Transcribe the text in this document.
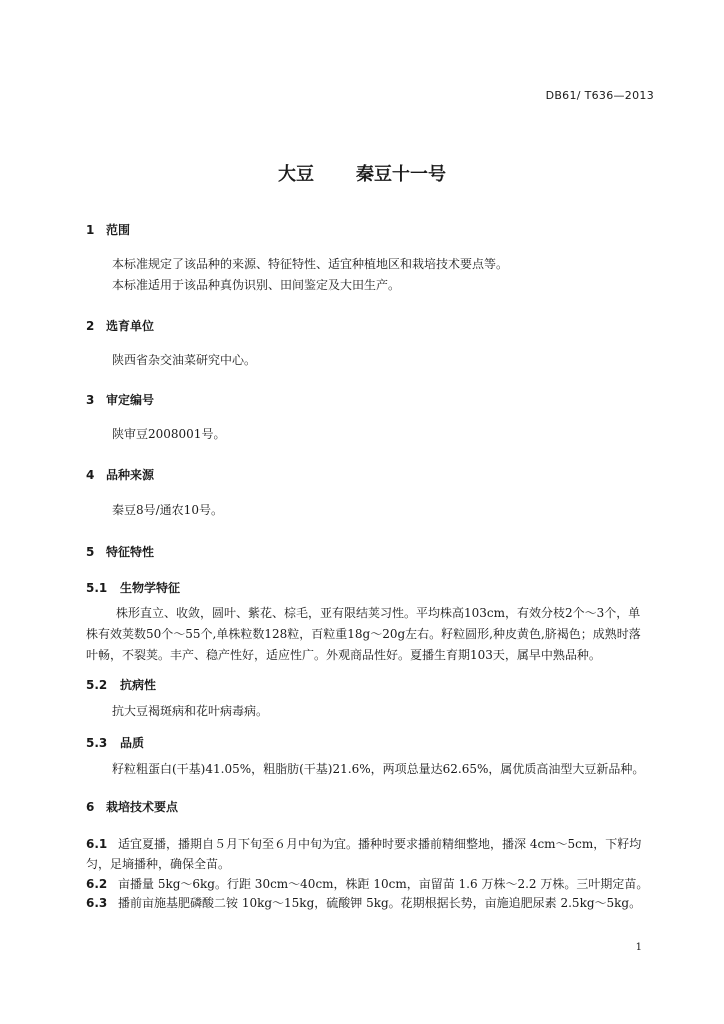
DB61/ T636—2013
大豆 秦豆十一号
1 范围
本标准规定了该品种的来源、特征特性、适宜种植地区和栽培技术要点等。
本标准适用于该品种真伪识别、田间鉴定及大田生产。
2 选育单位
陕西省杂交油菜研究中心。
3 审定编号
陕审豆2008001号。
4 品种来源
秦豆8号/通农10号。
5 特征特性
5.1 生物学特征
株形直立、收敛，圆叶、紫花、棕毛，亚有限结荚习性。平均株高103cm，有效分枝2个～3个，单
株有效荚数50个～55个,单株粒数128粒，百粒重18g～20g左右。籽粒圆形,种皮黄色,脐褐色；成熟时落
叶畅，不裂荚。丰产、稳产性好，适应性广。外观商品性好。夏播生育期103天，属早中熟品种。
5.2 抗病性
抗大豆褐斑病和花叶病毒病。
5.3 品质
籽粒粗蛋白(干基)41.05%，粗脂肪(干基)21.6%，两项总量达62.65%，属优质高油型大豆新品种。
6 栽培技术要点
6.1 适宜夏播，播期自５月下旬至６月中旬为宜。播种时要求播前精细整地，播深 4cm～5cm，下籽均
匀，足墒播种，确保全苗。
6.2 亩播量 5kg～6kg。行距 30cm～40cm，株距 10cm，亩留苗 1.6 万株～2.2 万株。三叶期定苗。
6.3 播前亩施基肥磷酸二铵 10kg～15kg，硫酸钾 5kg。花期根据长势，亩施追肥尿素 2.5kg～5kg。
1
